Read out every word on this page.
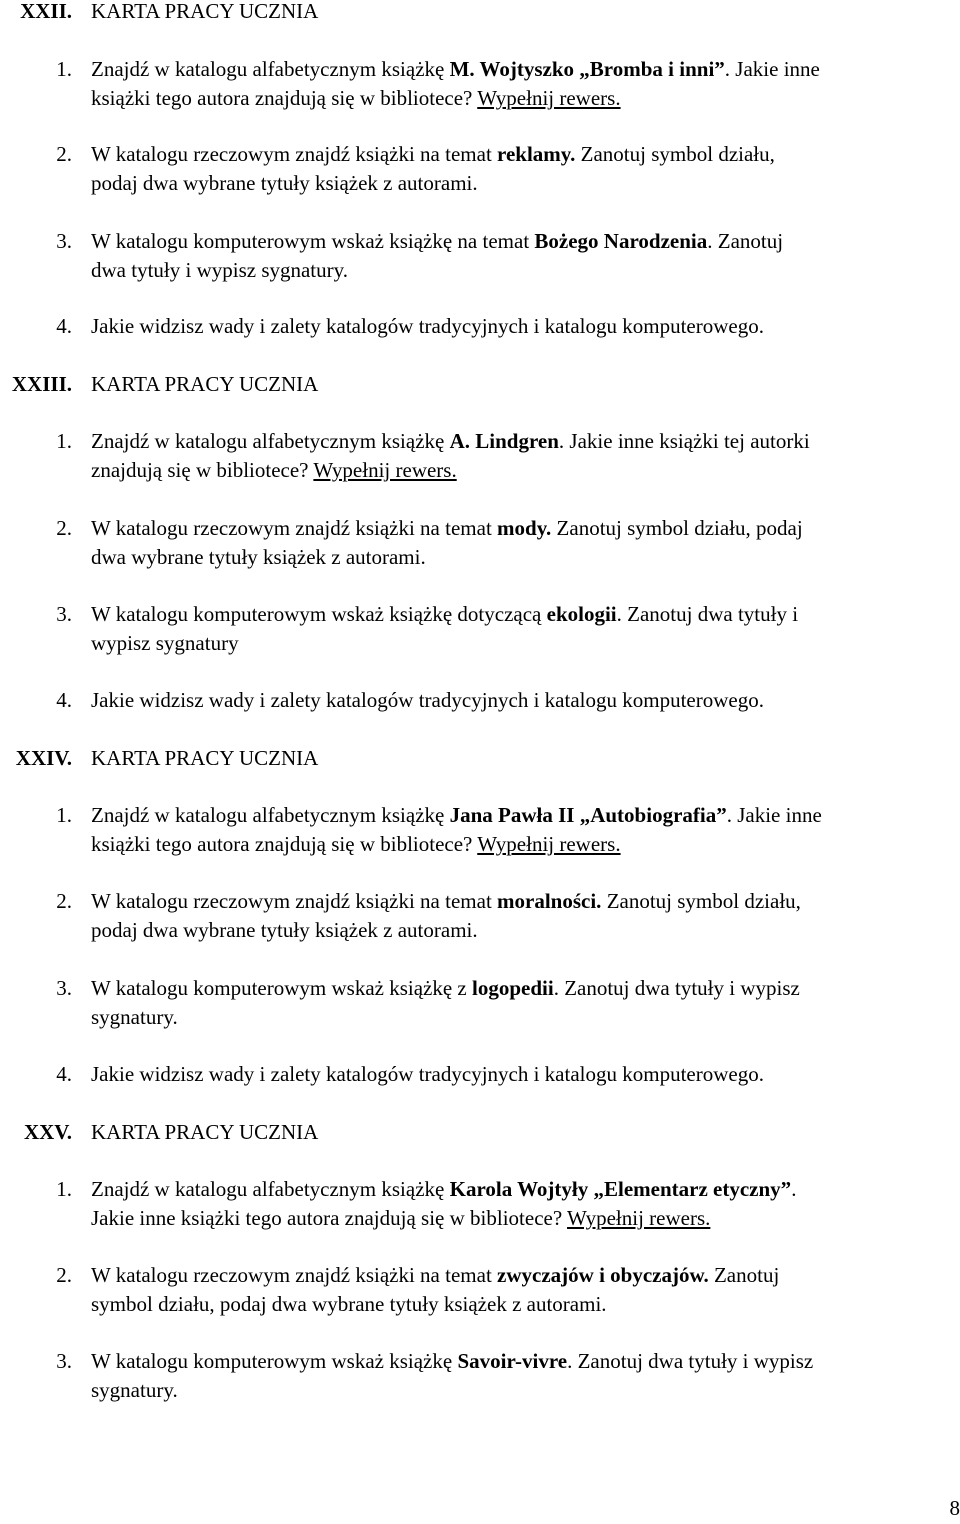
XXII. KARTA PRACY UCZNIA
1. Znajdź w katalogu alfabetycznym książkę M. Wojtyszko „Bromba i inni”. Jakie inne
książki tego autora znajdują się w bibliotece? Wypełnij rewers.
2. W katalogu rzeczowym znajdź książki na temat reklamy. Zanotuj symbol działu,
podaj dwa wybrane tytuły książek z autorami.
3. W katalogu komputerowym wskaż książkę na temat Bożego Narodzenia. Zanotuj
dwa tytuły i wypisz sygnatury.
4. Jakie widzisz wady i zalety katalogów tradycyjnych i katalogu komputerowego.
XXIII. KARTA PRACY UCZNIA
1. Znajdź w katalogu alfabetycznym książkę A. Lindgren. Jakie inne książki tej autorki
znajdują się w bibliotece? Wypełnij rewers.
2. W katalogu rzeczowym znajdź książki na temat mody. Zanotuj symbol działu, podaj
dwa wybrane tytuły książek z autorami.
3. W katalogu komputerowym wskaż książkę dotyczącą ekologii. Zanotuj dwa tytuły i
wypisz sygnatury
4. Jakie widzisz wady i zalety katalogów tradycyjnych i katalogu komputerowego.
XXIV. KARTA PRACY UCZNIA
1. Znajdź w katalogu alfabetycznym książkę Jana Pawła II „Autobiografia”. Jakie inne
książki tego autora znajdują się w bibliotece? Wypełnij rewers.
2. W katalogu rzeczowym znajdź książki na temat moralności. Zanotuj symbol działu,
podaj dwa wybrane tytuły książek z autorami.
3. W katalogu komputerowym wskaż książkę z logopedii. Zanotuj dwa tytuły i wypisz
sygnatury.
4. Jakie widzisz wady i zalety katalogów tradycyjnych i katalogu komputerowego.
XXV. KARTA PRACY UCZNIA
1. Znajdź w katalogu alfabetycznym książkę Karola Wojtyły „Elementarz etyczny”.
Jakie inne książki tego autora znajdują się w bibliotece? Wypełnij rewers.
2. W katalogu rzeczowym znajdź książki na temat zwyczajów i obyczajów. Zanotuj
symbol działu, podaj dwa wybrane tytuły książek z autorami.
3. W katalogu komputerowym wskaż książkę Savoir-vivre. Zanotuj dwa tytuły i wypisz
sygnatury.
8
